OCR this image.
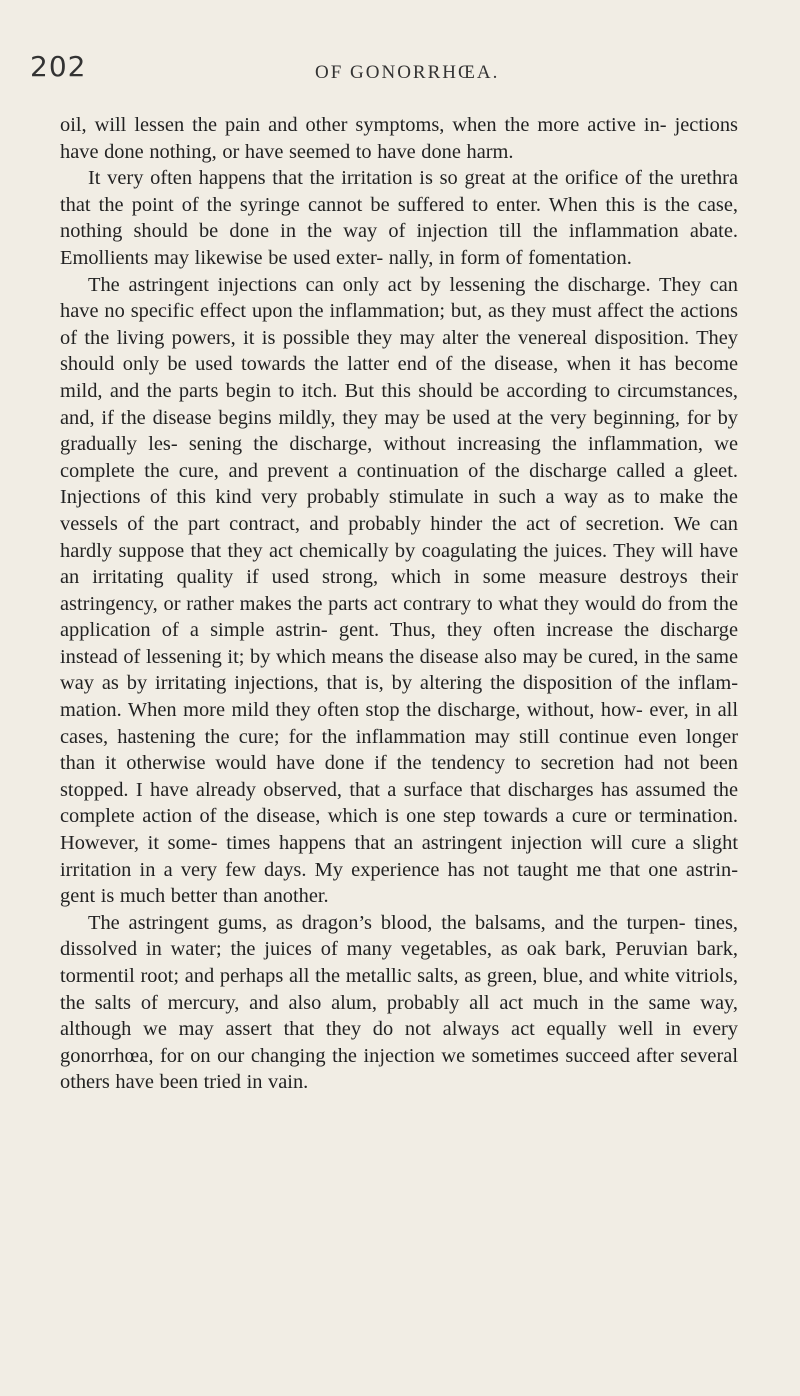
202	OF GONORRHŒA.

oil, will lessen the pain and other symptoms, when the more active in- jections have done nothing, or have seemed to have done harm.

It very often happens that the irritation is so great at the orifice of the urethra that the point of the syringe cannot be suffered to enter. When this is the case, nothing should be done in the way of injection till the inflammation abate. Emollients may likewise be used exter- nally, in form of fomentation.

The astringent injections can only act by lessening the discharge. They can have no specific effect upon the inflammation; but, as they must affect the actions of the living powers, it is possible they may alter the venereal disposition. They should only be used towards the latter end of the disease, when it has become mild, and the parts begin to itch. But this should be according to circumstances, and, if the disease begins mildly, they may be used at the very beginning, for by gradually les- sening the discharge, without increasing the inflammation, we complete the cure, and prevent a continuation of the discharge called a gleet. Injections of this kind very probably stimulate in such a way as to make the vessels of the part contract, and probably hinder the act of secretion. We can hardly suppose that they act chemically by coagulating the juices. They will have an irritating quality if used strong, which in some measure destroys their astringency, or rather makes the parts act contrary to what they would do from the application of a simple astrin- gent. Thus, they often increase the discharge instead of lessening it; by which means the disease also may be cured, in the same way as by irritating injections, that is, by altering the disposition of the inflam- mation. When more mild they often stop the discharge, without, how- ever, in all cases, hastening the cure; for the inflammation may still continue even longer than it otherwise would have done if the tendency to secretion had not been stopped. I have already observed, that a surface that discharges has assumed the complete action of the disease, which is one step towards a cure or termination. However, it some- times happens that an astringent injection will cure a slight irritation in a very few days. My experience has not taught me that one astrin- gent is much better than another.

The astringent gums, as dragon’s blood, the balsams, and the turpen- tines, dissolved in water; the juices of many vegetables, as oak bark, Peruvian bark, tormentil root; and perhaps all the metallic salts, as green, blue, and white vitriols, the salts of mercury, and also alum, probably all act much in the same way, although we may assert that they do not always act equally well in every gonorrhœa, for on our changing the injection we sometimes succeed after several others have been tried in vain.
